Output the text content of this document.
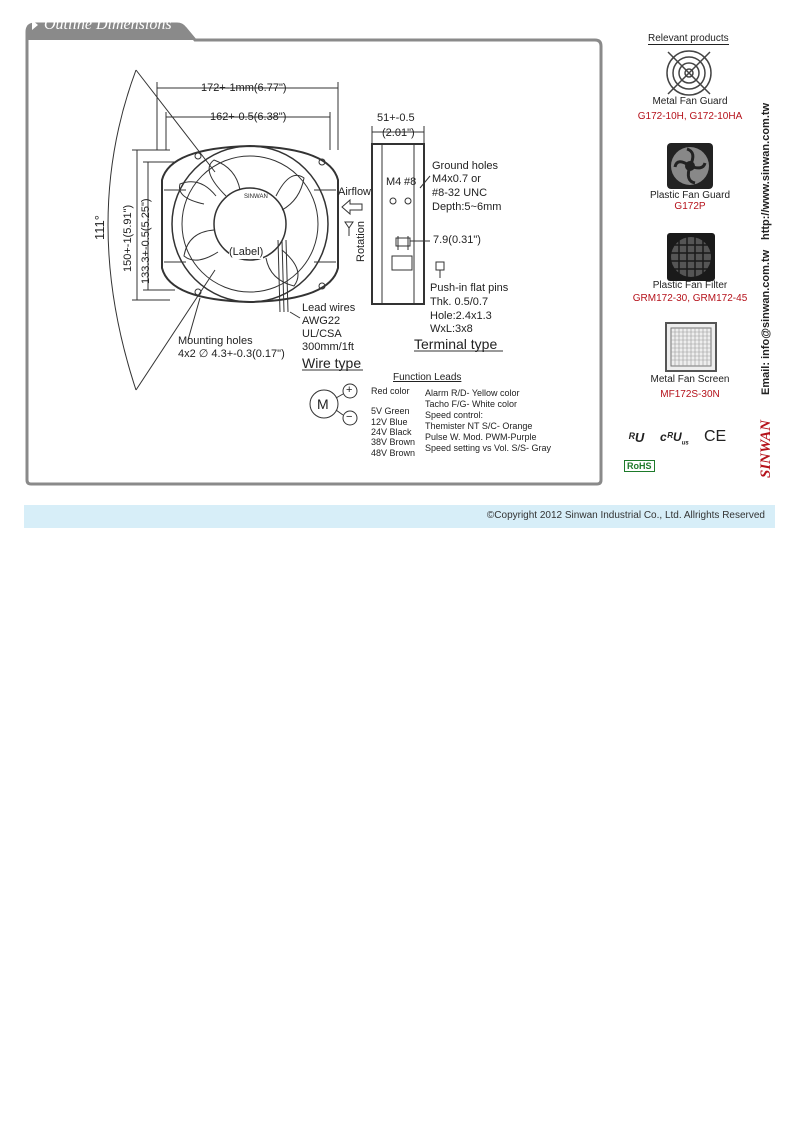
Outline Dimensions
SINWAN
172+-1mm(6.77")
162+-0.5(6.38")
150+-1(5.91") 133.3+-0.5(5.25")
111°
51+-0.5
(2.01")
(Label)
Airflow
Rotation
Mounting holes
4x2 ∅ 4.3+-0.3(0.17")
Lead wires
AWG22
UL/CSA
300mm/1ft
Wire type
M4 #8
Ground holes
M4x0.7 or
#8-32 UNC
Depth:5~6mm
7.9(0.31")
Push-in flat pins
Thk. 0.5/0.7
Hole:2.4x1.3
WxL:3x8
Terminal type
Function Leads
M
+
−
Red color
5V Green
12V Blue
24V Black
38V Brown
48V Brown
Alarm R/D- Yellow color
Tacho F/G- White color
Speed control:
Themister NT S/C- Orange
Pulse W. Mod. PWM-Purple
Speed setting vs Vol. S/S- Gray
Relevant products
Metal Fan Guard
G172-10H, G172-10HA
Plastic Fan Guard
G172P
Plastic Fan Filter
GRM172-30, GRM172-45
Metal Fan Screen
MF172S-30N
ᴿU cᴿU$_{us}$ CE
RoHS
http://www.sinwan.com.tw
Email: info@sinwan.com.tw
SINWAN
©Copyright 2012 Sinwan Industrial Co., Ltd. Allrights Reserved
